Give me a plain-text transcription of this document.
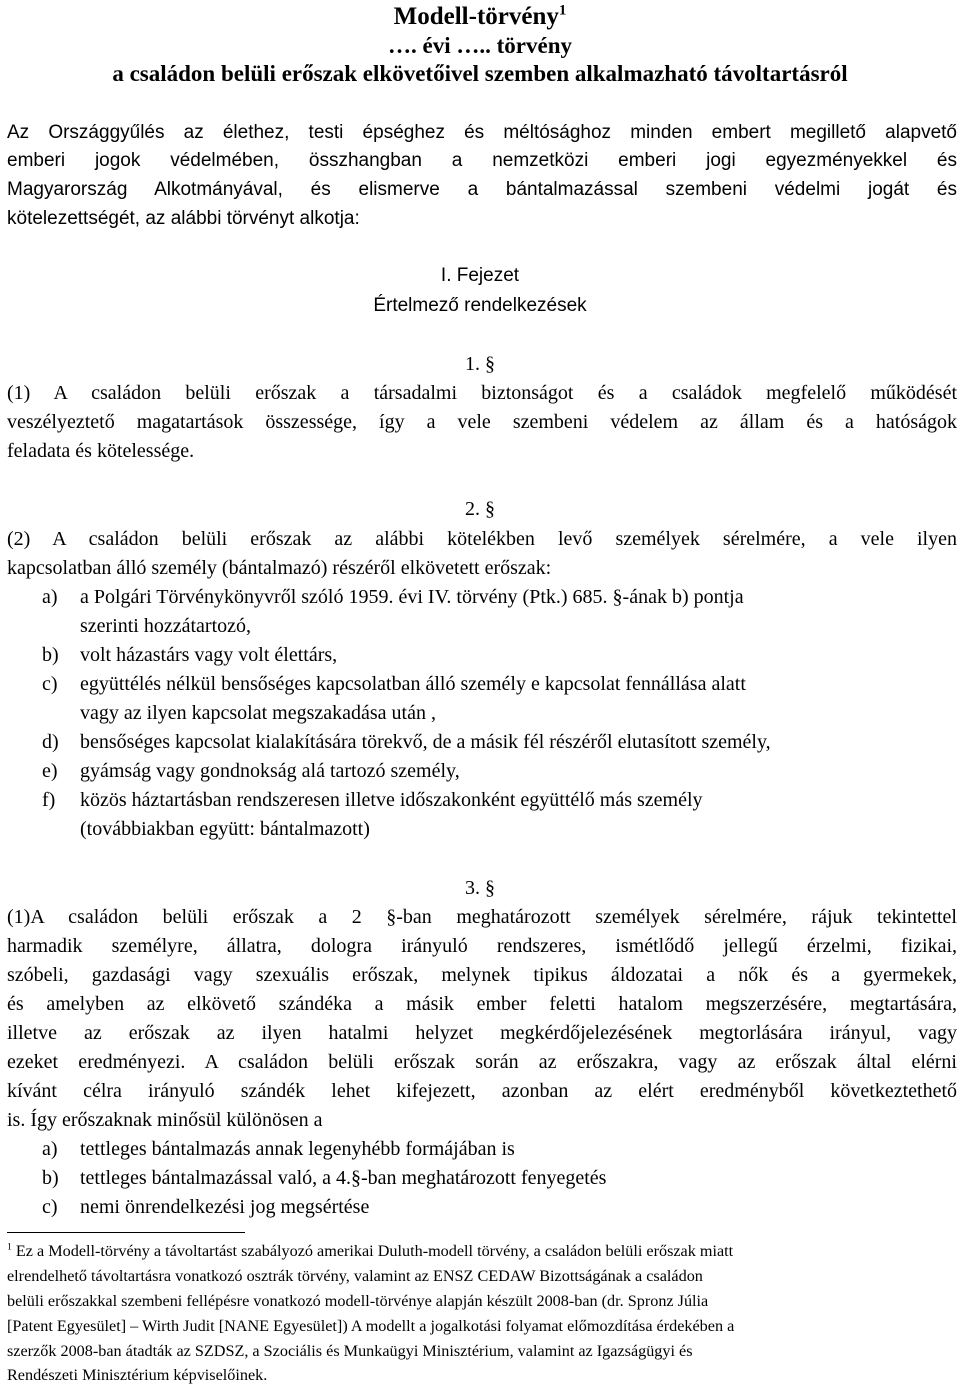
Modell-törvény$^1$
…. évi ….. törvény
a családon belüli erőszak elkövetőivel szemben alkalmazható távoltartásról
Az Országgyűlés az élethez, testi épséghez és méltósághoz minden embert megillető alapvető
emberi jogok védelmében, összhangban a nemzetközi emberi jogi egyezményekkel és
Magyarország Alkotmányával, és elismerve a bántalmazással szembeni védelmi jogát és
kötelezettségét, az alábbi törvényt alkotja:
I. Fejezet
Értelmező rendelkezések
1. §
(1) A családon belüli erőszak a társadalmi biztonságot és a családok megfelelő működését
veszélyeztető magatartások összessége, így a vele szembeni védelem az állam és a hatóságok
feladata és kötelessége.
2. §
(2) A családon belüli erőszak az alábbi kötelékben levő személyek sérelmére, a vele ilyen
kapcsolatban álló személy (bántalmazó) részéről elkövetett erőszak:
a) a Polgári Törvénykönyvről szóló 1959. évi IV. törvény (Ptk.) 685. §-ának b) pontja
szerinti hozzátartozó,
b) volt házastárs vagy volt élettárs,
c) együttélés nélkül bensőséges kapcsolatban álló személy e kapcsolat fennállása alatt
vagy az ilyen kapcsolat megszakadása után ,
d) bensőséges kapcsolat kialakítására törekvő, de a másik fél részéről elutasított személy,
e) gyámság vagy gondnokság alá tartozó személy,
f) közös háztartásban rendszeresen illetve időszakonként együttélő más személy
(továbbiakban együtt: bántalmazott)
3. §
(1)A családon belüli erőszak a 2 §-ban meghatározott személyek sérelmére, rájuk tekintettel
harmadik személyre, állatra, dologra irányuló rendszeres, ismétlődő jellegű érzelmi, fizikai,
szóbeli, gazdasági vagy szexuális erőszak, melynek tipikus áldozatai a nők és a gyermekek,
és amelyben az elkövető szándéka a másik ember feletti hatalom megszerzésére, megtartására,
illetve az erőszak az ilyen hatalmi helyzet megkérdőjelezésének megtorlására irányul, vagy
ezeket eredményezi. A családon belüli erőszak során az erőszakra, vagy az erőszak által elérni
kívánt célra irányuló szándék lehet kifejezett, azonban az elért eredményből következtethető
is. Így erőszaknak minősül különösen a
a) tettleges bántalmazás annak legenyhébb formájában is
b) tettleges bántalmazással való, a 4.§-ban meghatározott fenyegetés
c) nemi önrendelkezési jog megsértése
$^1$ Ez a Modell-törvény a távoltartást szabályozó amerikai Duluth-modell törvény, a családon belüli erőszak miatt
elrendelhető távoltartásra vonatkozó osztrák törvény, valamint az ENSZ CEDAW Bizottságának a családon
belüli erőszakkal szembeni fellépésre vonatkozó modell-törvénye alapján készült 2008-ban (dr. Spronz Júlia
[Patent Egyesület] – Wirth Judit [NANE Egyesület]) A modellt a jogalkotási folyamat előmozdítása érdekében a
szerzők 2008-ban átadták az SZDSZ, a Szociális és Munkaügyi Minisztérium, valamint az Igazságügyi és
Rendészeti Minisztérium képviselőinek.
